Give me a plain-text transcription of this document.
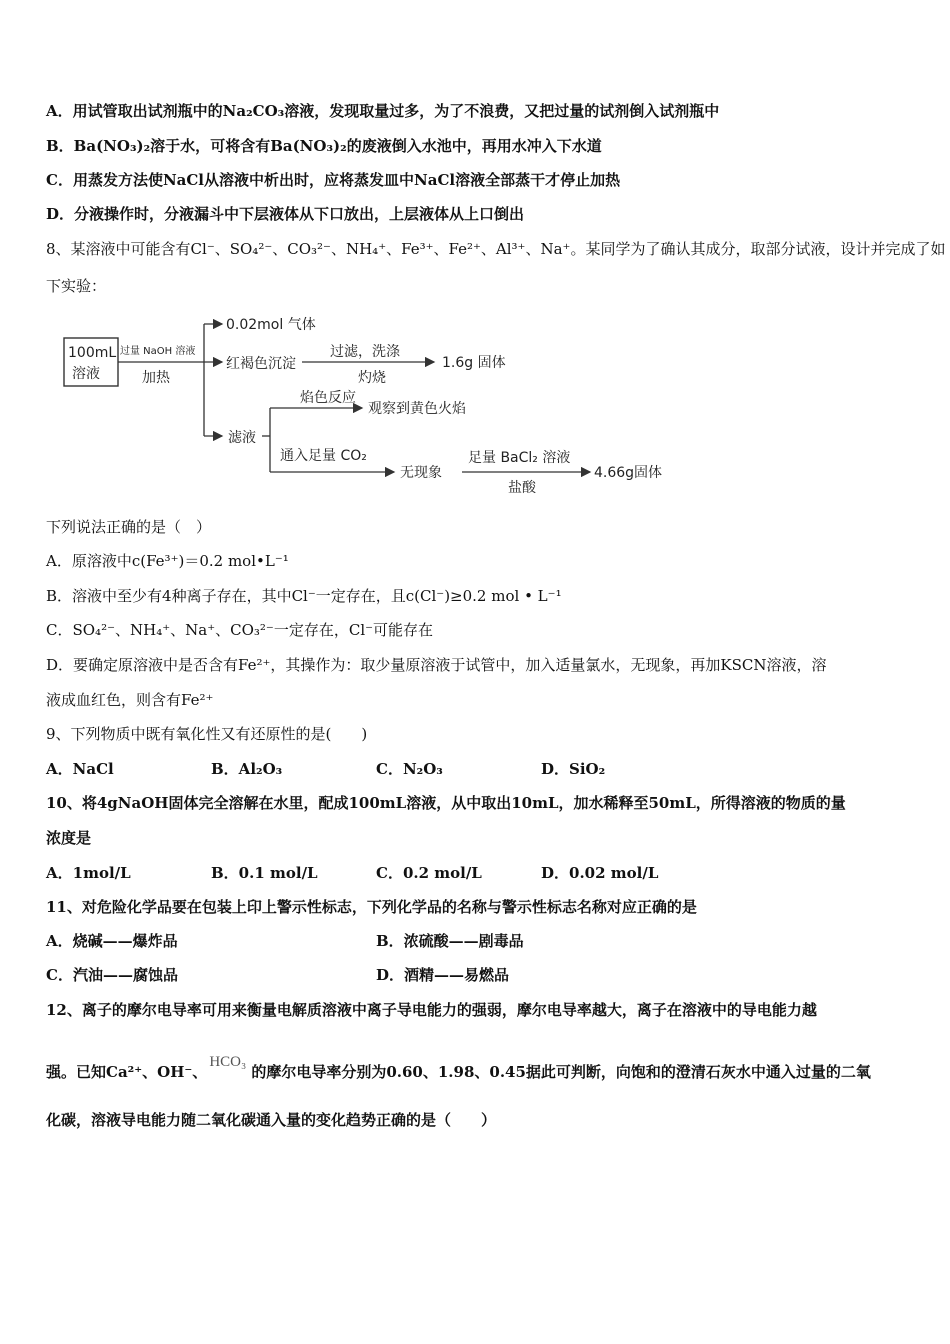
A．用试管取出试剂瓶中的Na₂CO₃溶液，发现取量过多，为了不浪费，又把过量的试剂倒入试剂瓶中
B．Ba(NO₃)₂溶于水，可将含有Ba(NO₃)₂的废液倒入水池中，再用水冲入下水道
C．用蒸发方法使NaCl从溶液中析出时，应将蒸发皿中NaCl溶液全部蒸干才停止加热
D．分液操作时，分液漏斗中下层液体从下口放出，上层液体从上口倒出
8、某溶液中可能含有Cl⁻、SO₄²⁻、CO₃²⁻、NH₄⁺、Fe³⁺、Fe²⁺、Al³⁺、Na⁺。某同学为了确认其成分，取部分试液，设计并完成了如
下实验：
100mL
溶液
过量 NaOH 溶液
加热
0.02mol 气体
红褐色沉淀
过滤，洗涤
灼烧
1.6g 固体
滤液
焰色反应
观察到黄色火焰
通入足量 CO₂
无现象
足量 BaCl₂ 溶液
盐酸
4.66g固体
下列说法正确的是（　）
A．原溶液中c(Fe³⁺)＝0.2 mol•L⁻¹
B．溶液中至少有4种离子存在，其中Cl⁻一定存在，且c(Cl⁻)≥0.2 mol • L⁻¹
C．SO₄²⁻、NH₄⁺、Na⁺、CO₃²⁻一定存在，Cl⁻可能存在
D．要确定原溶液中是否含有Fe²⁺，其操作为：取少量原溶液于试管中，加入适量氯水，无现象，再加KSCN溶液，溶
液成血红色，则含有Fe²⁺
9、下列物质中既有氧化性又有还原性的是(　　)
A．NaCl	B．Al₂O₃	C．N₂O₃	D．SiO₂
10、将4gNaOH固体完全溶解在水里，配成100mL溶液，从中取出10mL，加水稀释至50mL，所得溶液的物质的量
浓度是
A．1mol/L	B．0.1 mol/L	C．0.2 mol/L	D．0.02 mol/L
11、对危险化学品要在包装上印上警示性标志，下列化学品的名称与警示性标志名称对应正确的是
A．烧碱——爆炸品	B．浓硫酸——剧毒品
C．汽油——腐蚀品	D．酒精——易燃品
12、离子的摩尔电导率可用来衡量电解质溶液中离子导电能力的强弱，摩尔电导率越大，离子在溶液中的导电能力越
强。已知Ca²⁺、OH⁻、
HCO₃
的摩尔电导率分别为0.60、1.98、0.45据此可判断，向饱和的澄清石灰水中通入过量的二氧
化碳，溶液导电能力随二氧化碳通入量的变化趋势正确的是（　　）
